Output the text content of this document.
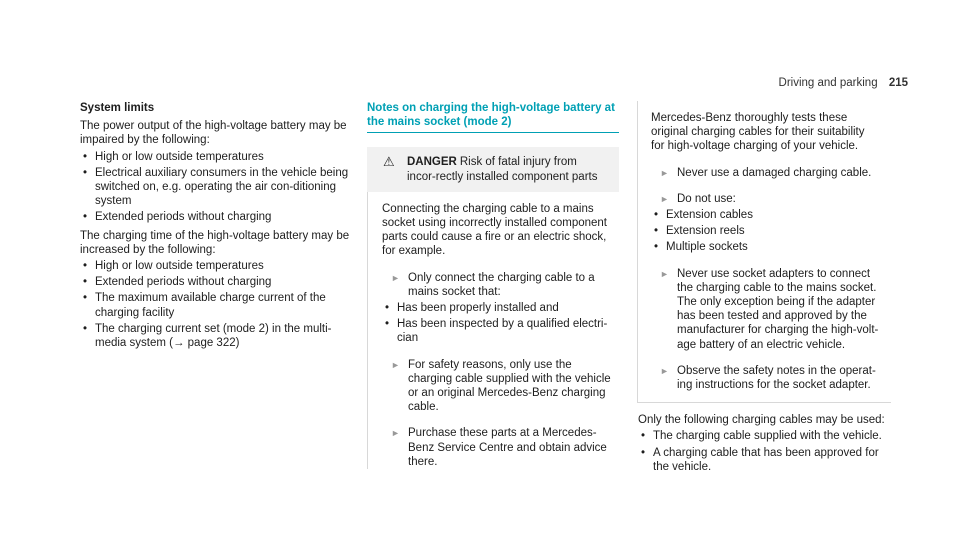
Driving and parking 215
System limits

The power output of the high-voltage battery may be impaired by the following:

• High or low outside temperatures
• Electrical auxiliary consumers in the vehicle being switched on, e.g. operating the air con-ditioning system
• Extended periods without charging

The charging time of the high-voltage battery may be increased by the following:

• High or low outside temperatures
• Extended periods without charging
• The maximum available charge current of the charging facility
• The charging current set (mode 2) in the multi-media system (→ page 322)
Notes on charging the high-voltage battery at the mains socket (mode 2)
⚠	DANGER Risk of fatal injury from incor-rectly installed component parts

Connecting the charging cable to a mains socket using incorrectly installed component parts could cause a fire or an electric shock, for example.

► Only connect the charging cable to a mains socket that:

• Has been properly installed and
• Has been inspected by a qualified electri-cian
► For safety reasons, only use the charging cable supplied with the vehicle or an original Mercedes-Benz charging cable.

► Purchase these parts at a Mercedes-Benz Service Centre and obtain advice there.

Mercedes-Benz thoroughly tests these original charging cables for their suitability for high-voltage charging of your vehicle.

► Never use a damaged charging cable.

► Do not use:

• Extension cables
• Extension reels
• Multiple sockets
► Never use socket adapters to connect the charging cable to the mains socket. The only exception being if the adapter has been tested and approved by the manufacturer for charging the high-volt-age battery of an electric vehicle.

► Observe the safety notes in the operat-ing instructions for the socket adapter.

Only the following charging cables may be used:

• The charging cable supplied with the vehicle.
• A charging cable that has been approved for the vehicle.
